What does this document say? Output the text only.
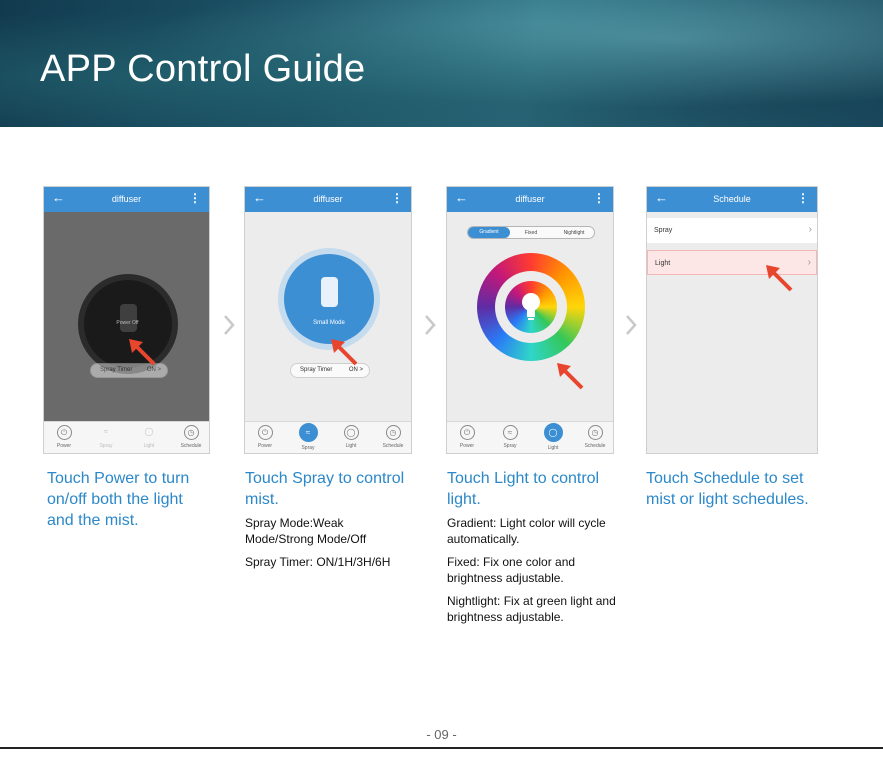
APP Control Guide
←	diffuser	⋮
Power Off
Spray Timer ON >
⏻
Power
≈
Spray
◯
Light
◷
Schedule
←	diffuser	⋮
Small Mode
Spray Timer	ON >
⏻
Power
≈
Spray
◯
Light
◷
Schedule
←	diffuser	⋮
Gradient	Fixed	Nightlight
⏻
Power
≈
Spray
◯
Light
◷
Schedule
←	Schedule	⋮
Spray	›
Light	›
Touch Power to turn on/off both the light and the mist.
Touch Spray to control mist.

Spray Mode:Weak Mode/Strong Mode/Off

Spray Timer: ON/1H/3H/6H

Touch Light to control light.

Gradient: Light color will cycle automatically.

Fixed: Fix one color and brightness adjustable.

Nightlight: Fix at green light and brightness adjustable.

Touch Schedule to set mist or light schedules.
- 09 -
